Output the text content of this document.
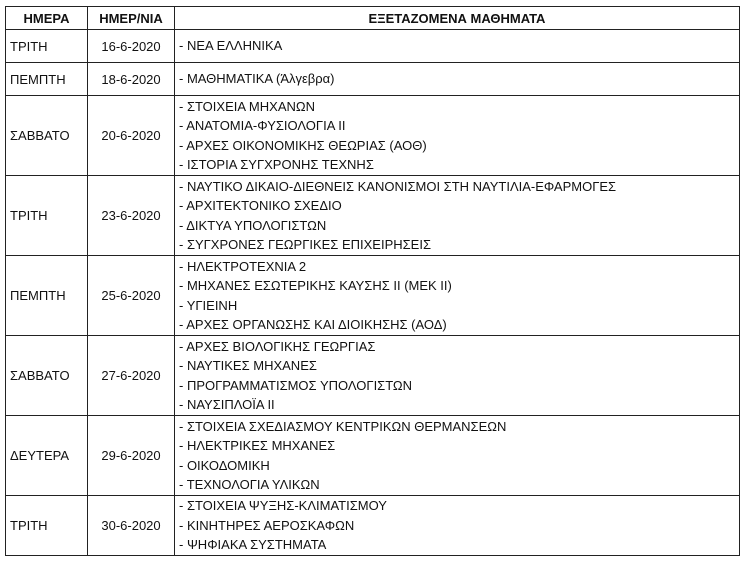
ΗΜΕΡΑ	ΗΜΕΡ/ΝΙΑ	ΕΞΕΤΑΖΟΜΕΝΑ ΜΑΘΗΜΑΤΑ
ΤΡΙΤΗ	16-6-2020	- ΝΕΑ ΕΛΛΗΝΙΚΑ

ΠΕΜΠΤΗ	18-6-2020	- ΜΑΘΗΜΑΤΙΚΑ (Άλγεβρα)

ΣΑΒΒΑΤΟ	20-6-2020	- ΣΤΟΙΧΕΙΑ ΜΗΧΑΝΩΝ
- ΑΝΑΤΟΜΙΑ-ΦΥΣΙΟΛΟΓΙΑ ΙΙ
- ΑΡΧΕΣ ΟΙΚΟΝΟΜΙΚΗΣ ΘΕΩΡΙΑΣ (ΑΟΘ)
- ΙΣΤΟΡΙΑ ΣΥΓΧΡΟΝΗΣ ΤΕΧΝΗΣ

ΤΡΙΤΗ	23-6-2020	- ΝΑΥΤΙΚΟ ΔΙΚΑΙΟ-ΔΙΕΘΝΕΙΣ ΚΑΝΟΝΙΣΜΟΙ ΣΤΗ ΝΑΥΤΙΛΙΑ-ΕΦΑΡΜΟΓΕΣ
- ΑΡΧΙΤΕΚΤΟΝΙΚΟ ΣΧΕΔΙΟ
- ΔΙΚΤΥΑ ΥΠΟΛΟΓΙΣΤΩΝ
- ΣΥΓΧΡΟΝΕΣ ΓΕΩΡΓΙΚΕΣ ΕΠΙΧΕΙΡΗΣΕΙΣ

ΠΕΜΠΤΗ	25-6-2020	- ΗΛΕΚΤΡΟΤΕΧΝΙΑ 2
- ΜΗΧΑΝΕΣ ΕΣΩΤΕΡΙΚΗΣ ΚΑΥΣΗΣ ΙΙ (ΜΕΚ ΙΙ)
- ΥΓΙΕΙΝΗ
- ΑΡΧΕΣ ΟΡΓΑΝΩΣΗΣ ΚΑΙ ΔΙΟΙΚΗΣΗΣ (ΑΟΔ)

ΣΑΒΒΑΤΟ	27-6-2020	- ΑΡΧΕΣ ΒΙΟΛΟΓΙΚΗΣ ΓΕΩΡΓΙΑΣ
- ΝΑΥΤΙΚΕΣ ΜΗΧΑΝΕΣ
- ΠΡΟΓΡΑΜΜΑΤΙΣΜΟΣ ΥΠΟΛΟΓΙΣΤΩΝ
- ΝΑΥΣΙΠΛΟΪΑ ΙΙ

ΔΕΥΤΕΡΑ	29-6-2020	- ΣΤΟΙΧΕΙΑ ΣΧΕΔΙΑΣΜΟΥ ΚΕΝΤΡΙΚΩΝ ΘΕΡΜΑΝΣΕΩΝ
- ΗΛΕΚΤΡΙΚΕΣ ΜΗΧΑΝΕΣ
- ΟΙΚΟΔΟΜΙΚΗ
- ΤΕΧΝΟΛΟΓΙΑ ΥΛΙΚΩΝ

ΤΡΙΤΗ	30-6-2020	- ΣΤΟΙΧΕΙΑ ΨΥΞΗΣ-ΚΛΙΜΑΤΙΣΜΟΥ
- ΚΙΝΗΤΗΡΕΣ ΑΕΡΟΣΚΑΦΩΝ
- ΨΗΦΙΑΚΑ ΣΥΣΤΗΜΑΤΑ
